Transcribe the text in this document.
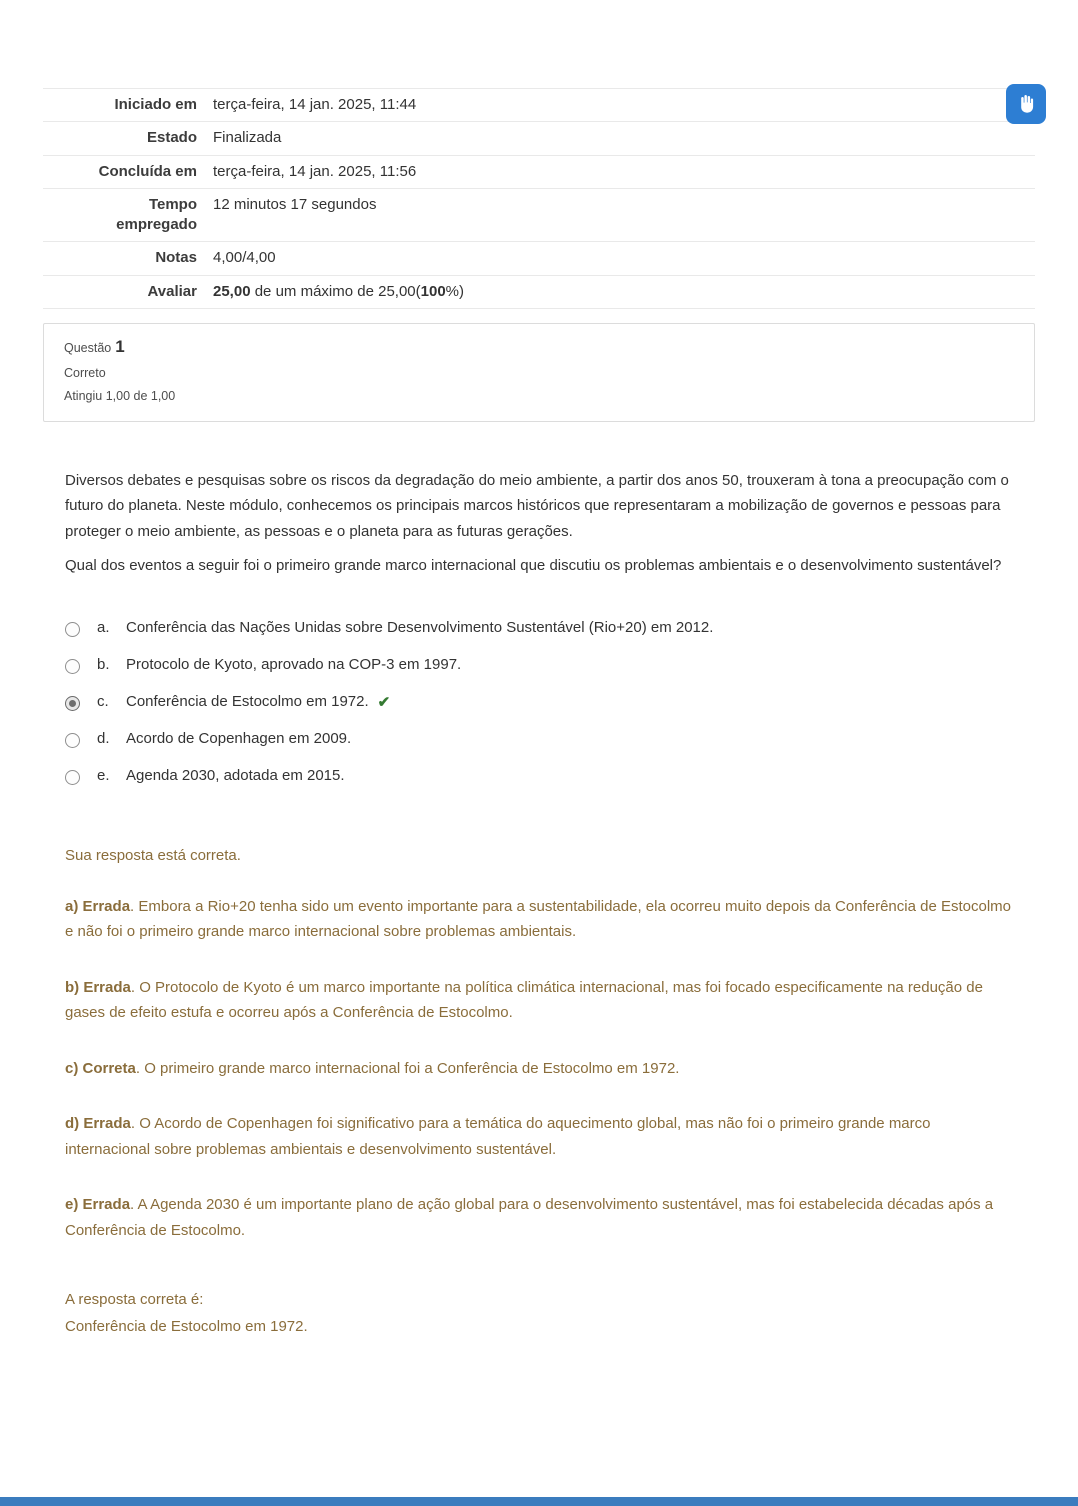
Iniciado em terça-feira, 14 jan. 2025, 11:44
Estado Finalizada
Concluída em terça-feira, 14 jan. 2025, 11:56
Tempo empregado
12 minutos 17 segundos
Notas 4,00/4,00
Avaliar 25,00 de um máximo de 25,00(100%)
Questão 1
Correto
Atingiu 1,00 de 1,00

Diversos debates e pesquisas sobre os riscos da degradação do meio ambiente, a partir dos anos 50, trouxeram à tona a preocupação com o futuro do planeta. Neste módulo, conhecemos os principais marcos históricos que representaram a mobilização de governos e pessoas para proteger o meio ambiente, as pessoas e o planeta para as futuras gerações.

Qual dos eventos a seguir foi o primeiro grande marco internacional que discutiu os problemas ambientais e o desenvolvimento sustentável?

a.	Conferência das Nações Unidas sobre Desenvolvimento Sustentável (Rio+20) em 2012.
b.	Protocolo de Kyoto, aprovado na COP-3 em 1997.
c.	Conferência de Estocolmo em 1972. ✔
d.	Acordo de Copenhagen em 2009.
e.	Agenda 2030, adotada em 2015.
Sua resposta está correta.

a) Errada. Embora a Rio+20 tenha sido um evento importante para a sustentabilidade, ela ocorreu muito depois da Conferência de Estocolmo e não foi o primeiro grande marco internacional sobre problemas ambientais.

b) Errada. O Protocolo de Kyoto é um marco importante na política climática internacional, mas foi focado especificamente na redução de gases de efeito estufa e ocorreu após a Conferência de Estocolmo.

c) Correta. O primeiro grande marco internacional foi a Conferência de Estocolmo em 1972.

d) Errada. O Acordo de Copenhagen foi significativo para a temática do aquecimento global, mas não foi o primeiro grande marco internacional sobre problemas ambientais e desenvolvimento sustentável.

e) Errada. A Agenda 2030 é um importante plano de ação global para o desenvolvimento sustentável, mas foi estabelecida décadas após a Conferência de Estocolmo.

A resposta correta é:
Conferência de Estocolmo em 1972.
